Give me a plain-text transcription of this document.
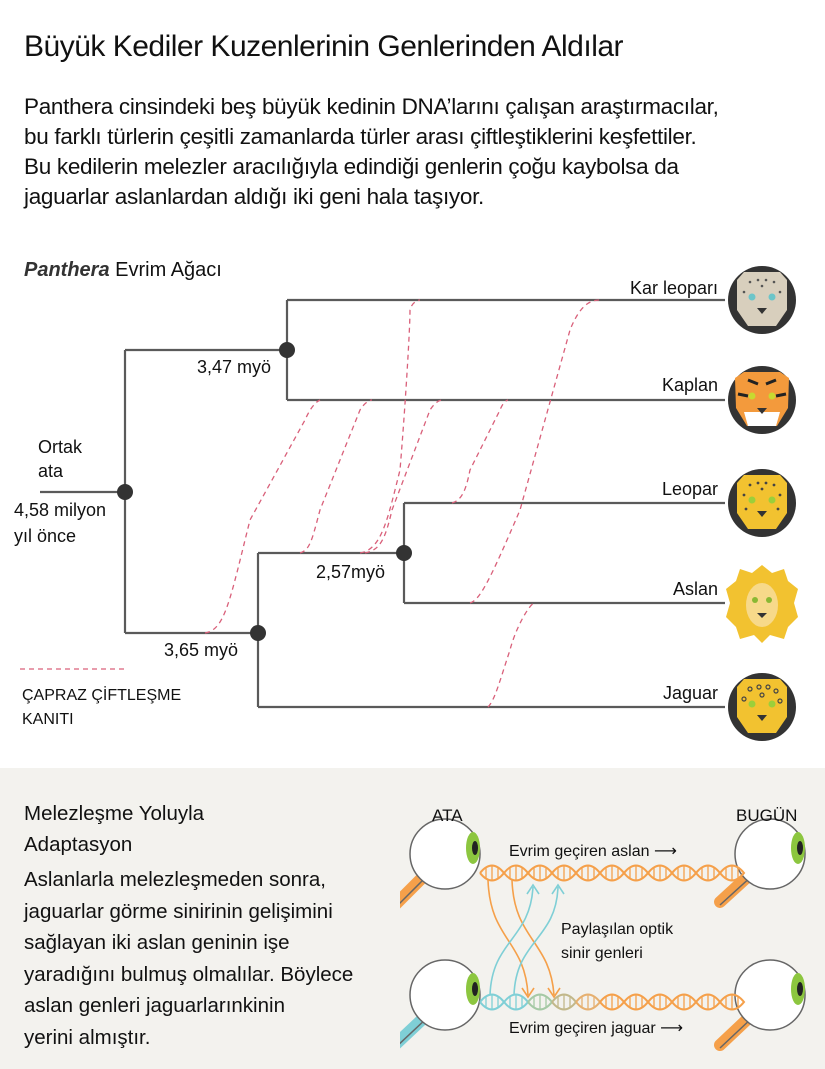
Büyük Kediler Kuzenlerinin Genlerinden Aldılar
Panthera cinsindeki beş büyük kedinin DNA’larını çalışan araştırmacılar,
bu farklı türlerin çeşitli zamanlarda türler arası çiftleştiklerini keşfettiler.
Bu kedilerin melezler aracılığıyla edindiği genlerin çoğu kaybolsa da
jaguarlar aslanlardan aldığı iki geni hala taşıyor.
Panthera Evrim Ağacı
Ortak
ata
4,58 milyon
yıl önce
3,47 myö
2,57myö
3,65 myö
Kar leoparı
Kaplan
Leopar
Aslan
Jaguar
ÇAPRAZ ÇİFTLEŞME
KANITI
Melezleşme Yoluyla
Adaptasyon
Aslanlarla melezleşmeden sonra,
jaguarlar görme sinirinin gelişimini
sağlayan iki aslan geninin işe
yaradığını bulmuş olmalılar. Böylece
aslan genleri jaguarlarınkinin
yerini almıştır.
ATA	BUGÜN
Evrim geçiren aslan ⟶
Evrim geçiren jaguar ⟶
Paylaşılan optik
sinir genleri
